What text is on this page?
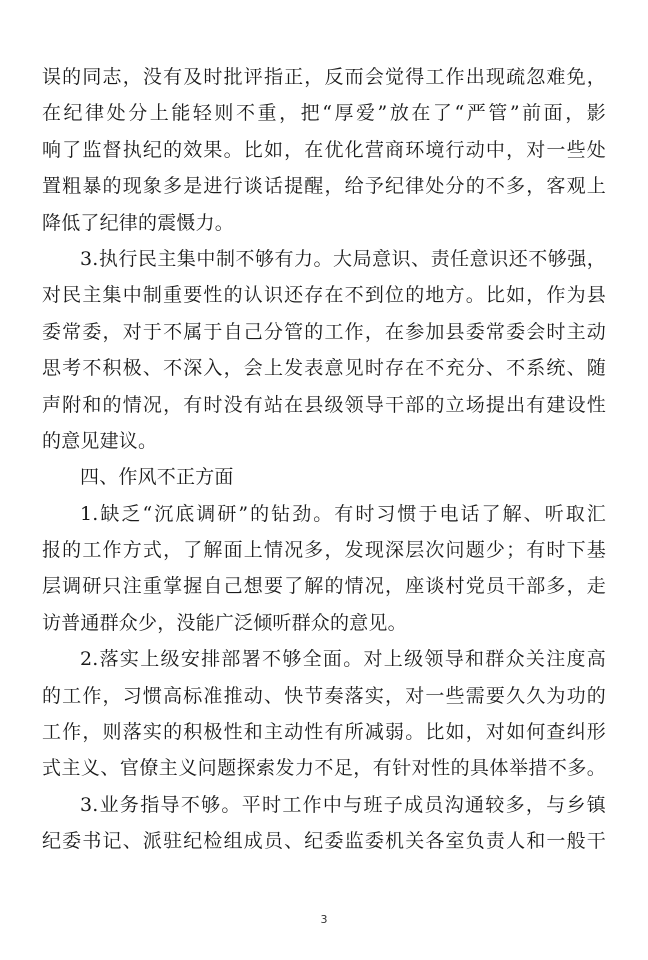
误的同志，没有及时批评指正，反而会觉得工作出现疏忽难免，
在纪律处分上能轻则不重，把“厚爱”放在了“严管”前面，影
响了监督执纪的效果。比如，在优化营商环境行动中，对一些处
置粗暴的现象多是进行谈话提醒，给予纪律处分的不多，客观上
降低了纪律的震慑力。
3.执行民主集中制不够有力。大局意识、责任意识还不够强，
对民主集中制重要性的认识还存在不到位的地方。比如，作为县
委常委，对于不属于自己分管的工作，在参加县委常委会时主动
思考不积极、不深入，会上发表意见时存在不充分、不系统、随
声附和的情况，有时没有站在县级领导干部的立场提出有建设性
的意见建议。
四、作风不正方面
1.缺乏“沉底调研”的钻劲。有时习惯于电话了解、听取汇
报的工作方式，了解面上情况多，发现深层次问题少；有时下基
层调研只注重掌握自己想要了解的情况，座谈村党员干部多，走
访普通群众少，没能广泛倾听群众的意见。
2.落实上级安排部署不够全面。对上级领导和群众关注度高
的工作，习惯高标准推动、快节奏落实，对一些需要久久为功的
工作，则落实的积极性和主动性有所减弱。比如，对如何查纠形
式主义、官僚主义问题探索发力不足，有针对性的具体举措不多。
3.业务指导不够。平时工作中与班子成员沟通较多，与乡镇
纪委书记、派驻纪检组成员、纪委监委机关各室负责人和一般干
3
